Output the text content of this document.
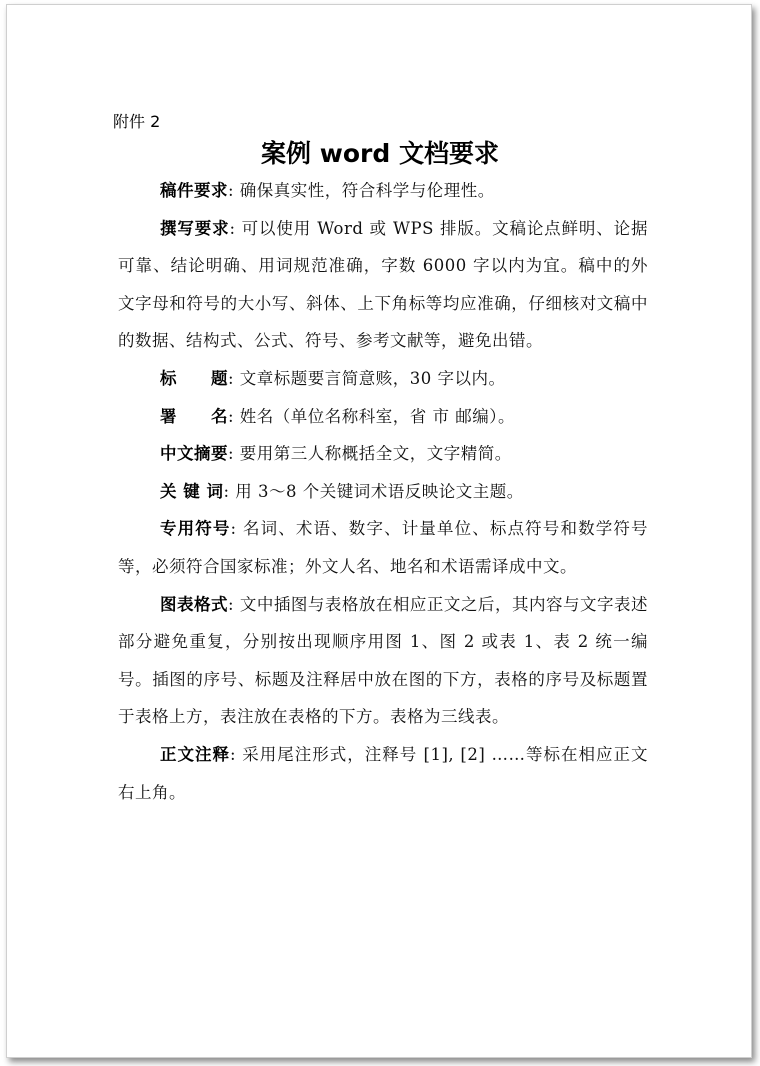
附件 2
案例 word 文档要求

稿件要求: 确保真实性，符合科学与伦理性。

撰写要求: 可以使用 Word 或 WPS 排版。文稿论点鲜明、论据可靠、结论明确、用词规范准确，字数 6000 字以内为宜。稿中的外文字母和符号的大小写、斜体、上下角标等均应准确，仔细核对文稿中的数据、结构式、公式、符号、参考文献等，避免出错。

标　　题: 文章标题要言简意赅，30 字以内。

署　　名: 姓名（单位名称科室，省 市 邮编）。

中文摘要: 要用第三人称概括全文，文字精简。

关 键 词: 用 3～8 个关键词术语反映论文主题。

专用符号: 名词、术语、数字、计量单位、标点符号和数学符号等，必须符合国家标准；外文人名、地名和术语需译成中文。

图表格式: 文中插图与表格放在相应正文之后，其内容与文字表述部分避免重复，分别按出现顺序用图 1、图 2 或表 1、表 2 统一编号。插图的序号、标题及注释居中放在图的下方，表格的序号及标题置于表格上方，表注放在表格的下方。表格为三线表。

正文注释: 采用尾注形式，注释号 [1], [2] ……等标在相应正文右上角。
